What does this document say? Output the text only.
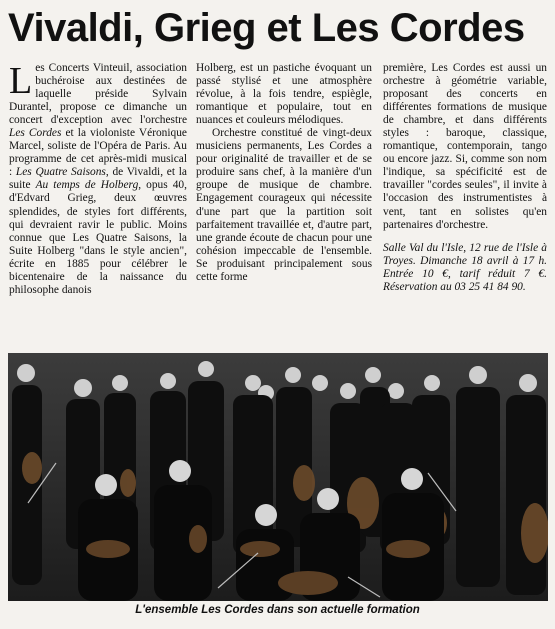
Vivaldi, Grieg et Les Cordes

Les Concerts Vinteuil, association buchéroise aux destinées de laquelle préside Sylvain Durantel, propose ce dimanche un concert d'exception avec l'orchestre Les Cordes et la violoniste Véronique Marcel, soliste de l'Opéra de Paris. Au programme de cet après-midi musical : Les Quatre Saisons, de Vivaldi, et la suite Au temps de Holberg, opus 40, d'Edvard Grieg, deux œuvres splendides, de styles fort différents, qui devraient ravir le public. Moins connue que Les Quatre Saisons, la Suite Holberg "dans le style ancien", écrite en 1885 pour célébrer le bicentenaire de la naissance du philosophe danois

Holberg, est un pastiche évoquant un passé stylisé et une atmosphère révolue, à la fois tendre, espiègle, romantique et populaire, tout en nuances et couleurs mélodiques.

Orchestre constitué de vingt-deux musiciens permanents, Les Cordes a pour originalité de travailler et de se produire sans chef, à la manière d'un groupe de musique de chambre. Engagement courageux qui nécessite d'une part que la partition soit parfaitement travaillée et, d'autre part, une grande écoute de chacun pour une cohésion impeccable de l'ensemble. Se produisant principalement sous cette forme

première, Les Cordes est aussi un orchestre à géométrie variable, proposant des concerts en différentes formations de musique de chambre, et dans différents styles : baroque, classique, romantique, contemporain, tango ou encore jazz. Si, comme son nom l'indique, sa spécificité est de travailler "cordes seules", il invite à l'occasion des instrumentistes à vent, tant en solistes qu'en partenaires d'orchestre.

Salle Val du l'Isle, 12 rue de l'Isle à Troyes. Dimanche 18 avril à 17 h. Entrée 10 €, tarif réduit 7 €. Réservation au 03 25 41 84 90.

L'ensemble Les Cordes dans son actuelle formation
